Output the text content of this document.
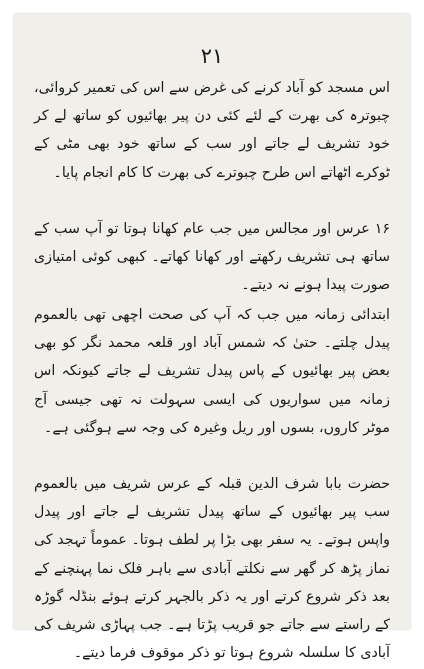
۲۱

اس مسجد کو آباد کرنے کی غرض سے اس کی تعمیر کروائی، چبوترہ کی بھرت کے لئے کئی دن پیر بھائیوں کو ساتھ لے کر خود تشریف لے جاتے اور سب کے ساتھ خود بھی مٹی کے ٹوکرے اٹھاتے اس طرح چبوترے کی بھرت کا کام انجام پایا۔

۱۶ عرس اور مجالس میں جب عام کھانا ہوتا تو آپ سب کے ساتھ ہی تشریف رکھتے اور کھانا کھاتے۔ کبھی کوئی امتیازی صورت پیدا ہونے نہ دیتے۔

ابتدائی زمانہ میں جب کہ آپ کی صحت اچھی تھی بالعموم پیدل چلتے۔ حتیٰ کہ شمس آباد اور قلعہ محمد نگر کو بھی بعض پیر بھائیوں کے پاس پیدل تشریف لے جاتے کیونکہ اس زمانہ میں سواریوں کی ایسی سہولت نہ تھی جیسی آج موٹر کاروں، بسوں اور ریل وغیرہ کی وجہ سے ہوگئی ہے۔

حضرت بابا شرف الدین قبلہ کے عرس شریف میں بالعموم سب پیر بھائیوں کے ساتھ پیدل تشریف لے جاتے اور پیدل واپس ہوتے۔ یہ سفر بھی بڑا پر لطف ہوتا۔ عموماً تہجد کی نماز پڑھ کر گھر سے نکلتے آبادی سے باہر فلک نما پہنچنے کے بعد ذکر شروع کرتے اور یہ ذکر بالجہر کرتے ہوئے بنڈلہ گوڑہ کے راستے سے جاتے جو قریب پڑتا ہے۔ جب پہاڑی شریف کی آبادی کا سلسلہ شروع ہوتا تو ذکر موقوف فرما دیتے۔
